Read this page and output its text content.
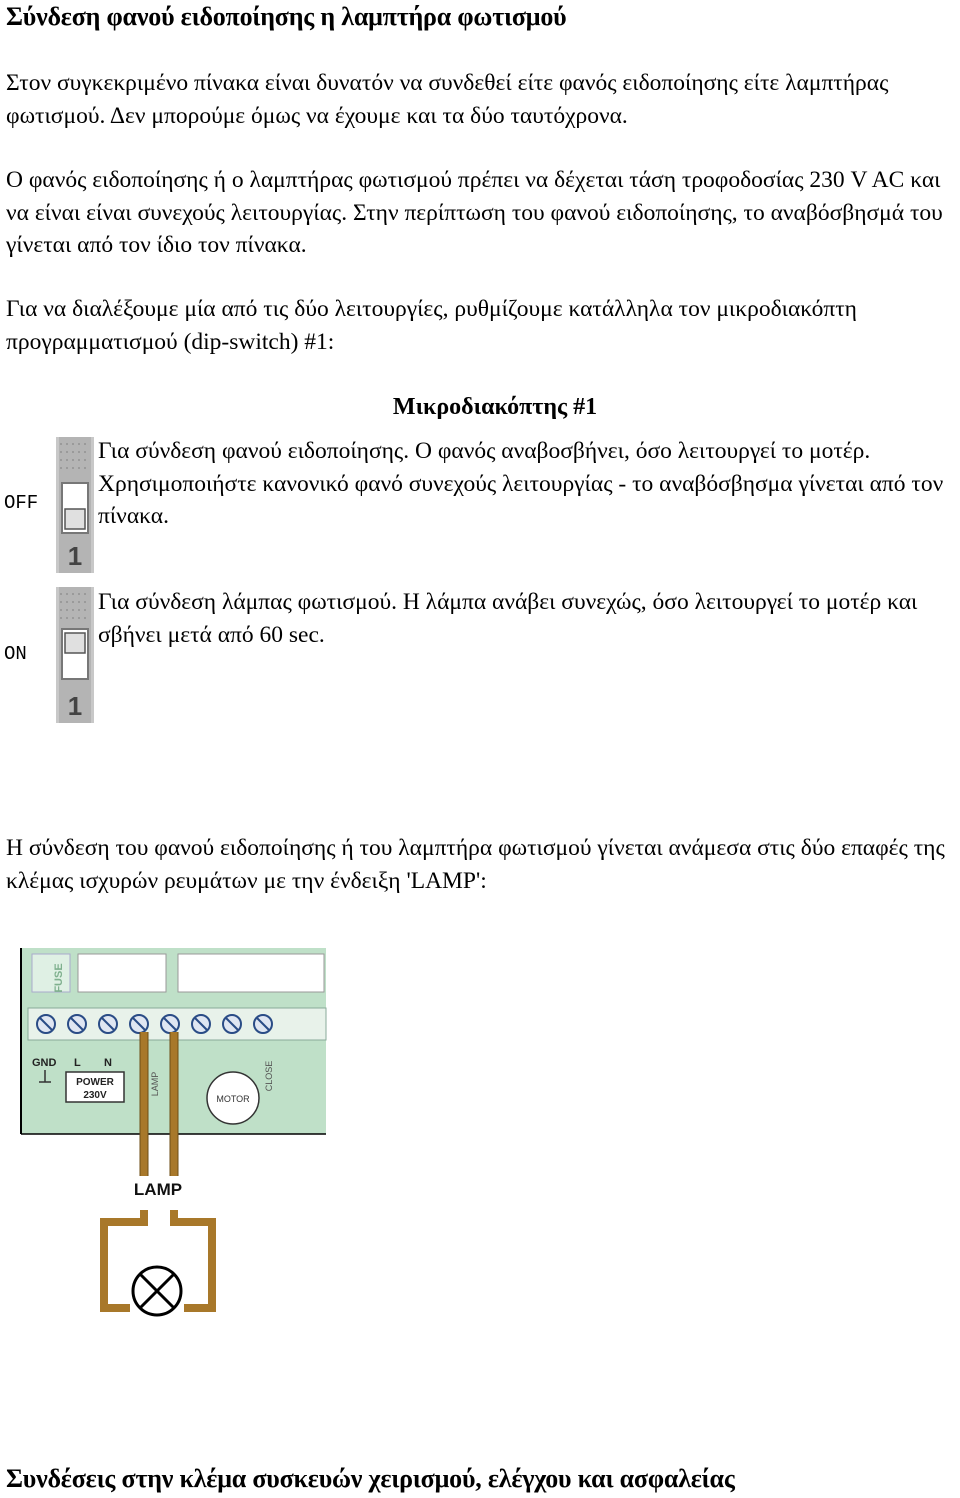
Σύνδεση φανού ειδοποίησης η λαμπτήρα φωτισμού

Στον συγκεκριμένο πίνακα είναι δυνατόν να συνδεθεί είτε φανός ειδοποίησης είτε λαμπτήρας φωτισμού. Δεν μπορούμε όμως να έχουμε και τα δύο ταυτόχρονα.

Ο φανός ειδοποίησης ή ο λαμπτήρας φωτισμού πρέπει να δέχεται τάση τροφοδοσίας 230 V AC και να είναι είναι συνεχούς λειτουργίας. Στην περίπτωση του φανού ειδοποίησης, το αναβόσβησμά του γίνεται από τον ίδιο τον πίνακα.

Για να διαλέξουμε μία από τις δύο λειτουργίες, ρυθμίζουμε κατάλληλα τον μικροδιακόπτη προγραμματισμού (dip-switch) #1:

Μικροδιακόπτης #1
OFF
1
Για σύνδεση φανού ειδοποίησης. Ο φανός αναβοσβήνει, όσο λειτουργεί το μοτέρ. Χρησιμοποιήστε κανονικό φανό συνεχούς λειτουργίας - το αναβόσβησμα γίνεται από τον πίνακα.
ON
1
Για σύνδεση λάμπας φωτισμού. Η λάμπα ανάβει συνεχώς, όσο λειτουργεί το μοτέρ και σβήνει μετά από 60 sec.

Η σύνδεση του φανού ειδοποίησης ή του λαμπτήρα φωτισμού γίνεται ανάμεσα στις δύο επαφές της κλέμας ισχυρών ρευμάτων με την ένδειξη 'LAMP':

FUSE
GND L N
POWER
230V	LAMP
MOTOR
CLOSE
LAMP
Συνδέσεις στην κλέμα συσκευών χειρισμού, ελέγχου και ασφαλείας
